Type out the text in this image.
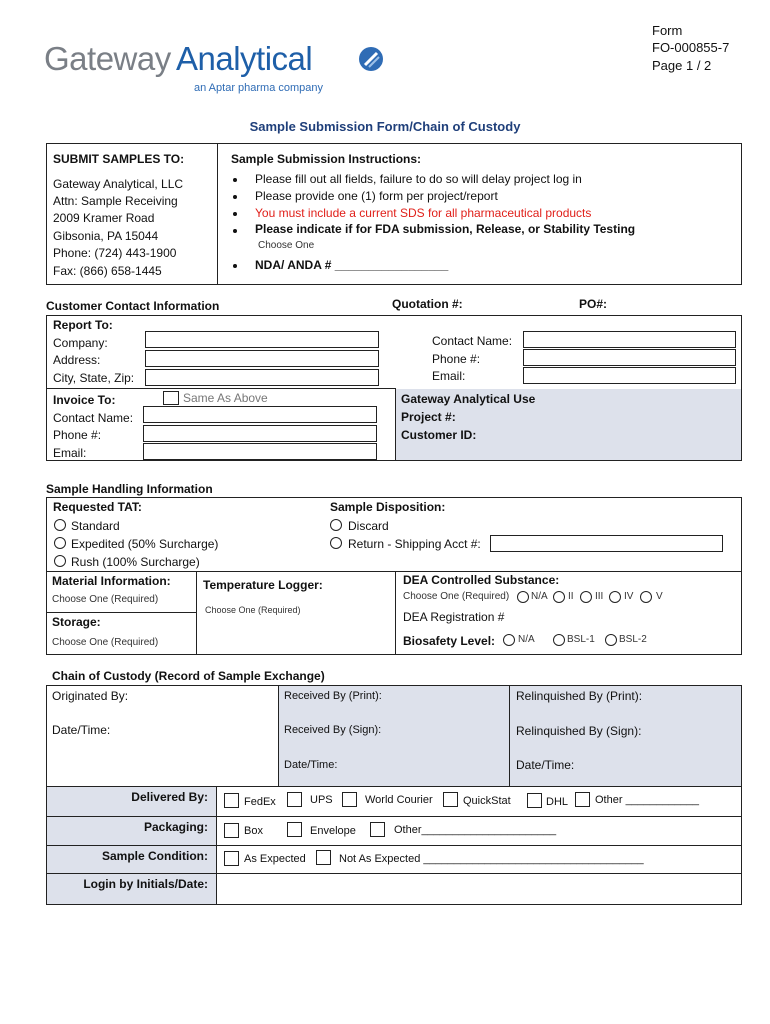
Gateway Analytical
an Aptar pharma company
Form
FO-000855-7
Page 1 / 2
Sample Submission Form/Chain of Custody
SUBMIT SAMPLES TO:
Gateway Analytical, LLC
Attn: Sample Receiving
2009 Kramer Road
Gibsonia, PA 15044
Phone: (724) 443-1900
Fax: (866) 658-1445
Sample Submission Instructions:
Please fill out all fields, failure to do so will delay project log in
Please provide one (1) form per project/report
You must include a current SDS for all pharmaceutical products
Please indicate if for FDA submission, Release, or Stability Testing
Choose One
NDA/ ANDA # _________________
Customer Contact Information	Quotation #:	PO#:
Report To:
Company:
Address:
City, State, Zip:
Contact Name:
Phone #:
Email:
Invoice To:	Same As Above
Contact Name:
Phone #:
Email:
Gateway Analytical Use
Project #:
Customer ID:
Sample Handling Information
Requested TAT:
Standard
Expedited (50% Surcharge)
Rush (100% Surcharge)
Sample Disposition:
Discard
Return - Shipping Acct #:
Material Information:
Choose One (Required)
Storage:
Choose One (Required)
Temperature Logger:
Choose One (Required)
DEA Controlled Substance:
Choose One (Required) N/A II III IV V
DEA Registration #
Biosafety Level: N/A	BSL-1 BSL-2
Chain of Custody (Record of Sample Exchange)
Originated By:
Date/Time:
Received By (Print):
Received By (Sign):
Date/Time:
Relinquished By (Print):
Relinquished By (Sign):
Date/Time:
Delivered By:	FedEx	UPS	World Courier	QuickStat	DHL Other ____________
Packaging:	Box	Envelope	Other______________________
Sample Condition:	As Expected	Not As Expected ____________________________________
Login by Initials/Date:
